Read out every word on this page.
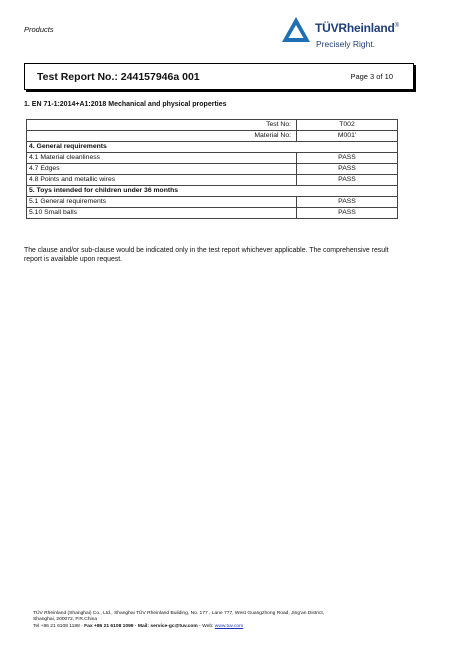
Products	TÜVRheinland®
Precisely Right.
Test Report No.: 244157946a 001	Page 3 of 10
1. EN 71-1:2014+A1:2018 Mechanical and physical properties
Test No:	T002
Material No:	M001'
4. General requirements	
4.1 Material cleanliness	PASS
4.7 Edges	PASS
4.8 Points and metallic wires	PASS
5. Toys intended for children under 36 months	
5.1 General requirements	PASS
5.10 Small balls	PASS
The clause and/or sub-clause would be indicated only in the test report whichever applicable. The comprehensive result report is available upon request.
TÜV Rheinland (Shanghai) Co., Ltd., Shanghai TÜV Rheinland Building, No. 177 , Lane 777, West Guangzhong Road, Jing'an District,
Shanghai, 200072, P.R.China
Tel +86 21 6108 1188 · Fax +86 21 6108 1099 · Mail: service-gc@tuv.com · Web: www.tuv.com
